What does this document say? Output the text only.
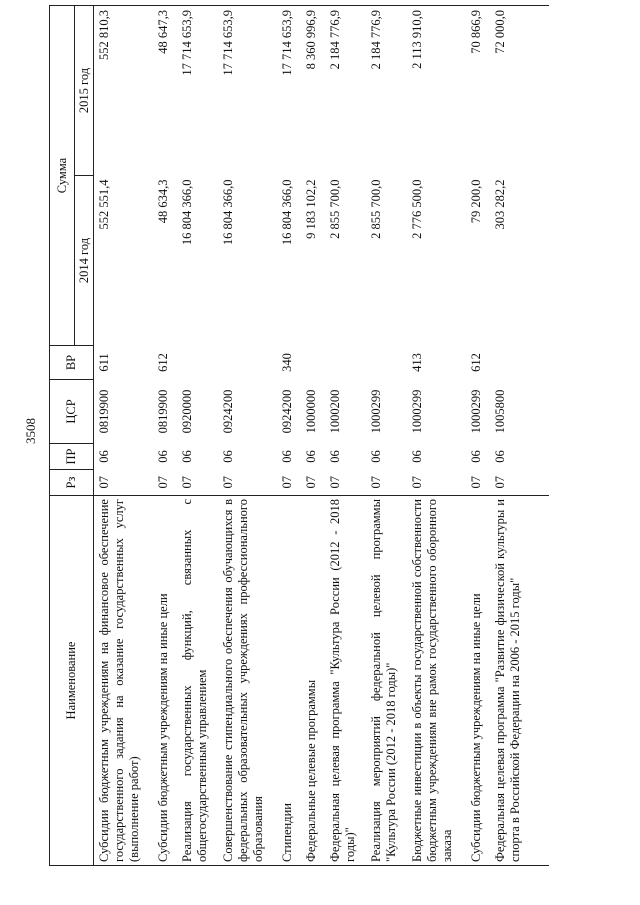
3508
Наименование	Рз	ПР	ЦСР	ВР	Сумма	
					2014 год	2015 год
Субсидии бюджетным учреждениям на финансовое обеспечение государственного задания на оказание государственных услуг (выполнение работ)	07	06	0819900	611	552 551,4	552 810,3
Субсидии бюджетным учреждениям на иные цели	07	06	0819900	612	48 634,3	48 647,3
Реализация государственных функций, связанных с общегосударственным управлением	07	06	0920000		16 804 366,0	17 714 653,9
Совершенствование стипендиального обеспечения обучающихся в федеральных образовательных учреждениях профессионального образования	07	06	0924200		16 804 366,0	17 714 653,9
Стипендии	07	06	0924200	340	16 804 366,0	17 714 653,9
Федеральные целевые программы	07	06	1000000		9 183 102,2	8 360 996,9
Федеральная целевая программа "Культура России (2012 - 2018 годы)"	07	06	1000200		2 855 700,0	2 184 776,9
Реализация мероприятий федеральной целевой программы "Культура России (2012 - 2018 годы)"	07	06	1000299		2 855 700,0	2 184 776,9
Бюджетные инвестиции в объекты государственной собственности бюджетным учреждениям вне рамок государственного оборонного заказа	07	06	1000299	413	2 776 500,0	2 113 910,0
Субсидии бюджетным учреждениям на иные цели	07	06	1000299	612	79 200,0	70 866,9
Федеральная целевая программа "Развитие физической культуры и спорта в Российской Федерации на 2006 - 2015 годы"	07	06	1005800		303 282,2	72 000,0
